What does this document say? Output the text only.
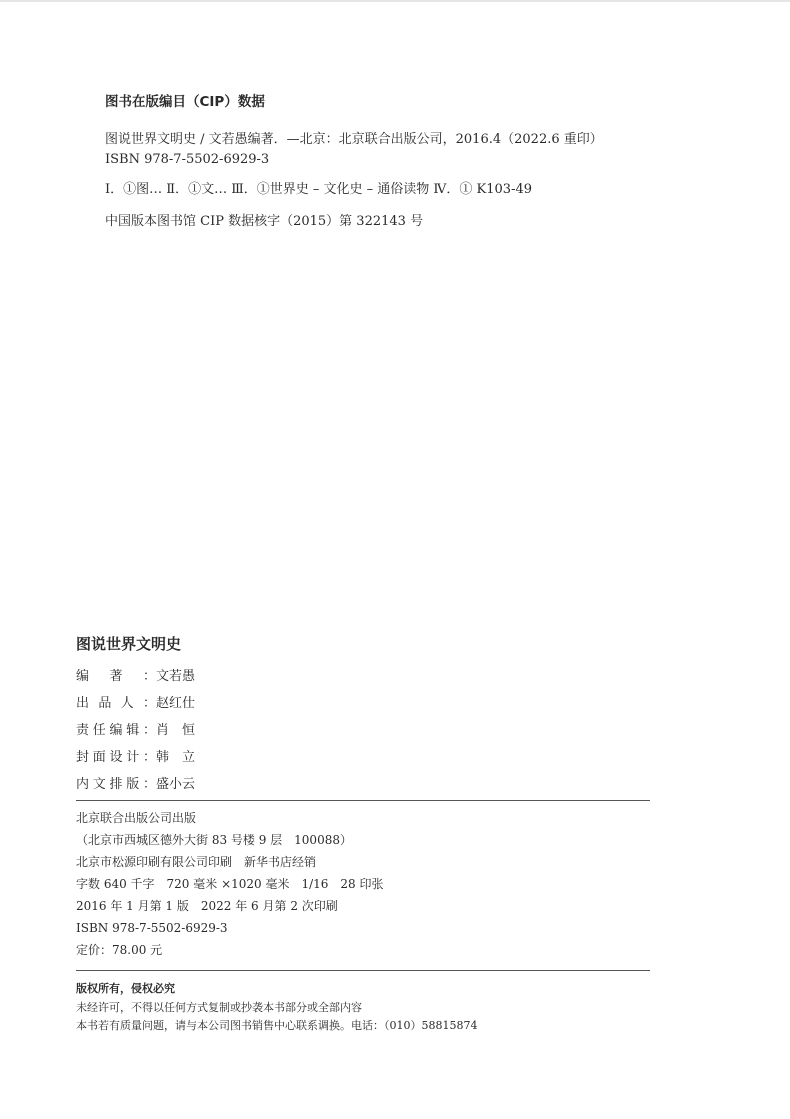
图书在版编目（CIP）数据
图说世界文明史 / 文若愚编著．—北京：北京联合出版公司，2016.4（2022.6 重印）
ISBN 978-7-5502-6929-3
Ⅰ．①图… Ⅱ．①文… Ⅲ．①世界史 – 文化史 – 通俗读物 Ⅳ．① K103-49
中国版本图书馆 CIP 数据核字（2015）第 322143 号
图说世界文明史
编著： 文若愚
出品人： 赵红仕
责任编辑： 肖　恒
封面设计： 韩　立
内文排版： 盛小云
北京联合出版公司出版
（北京市西城区德外大街 83 号楼 9 层　100088）
北京市松源印刷有限公司印刷　新华书店经销
字数 640 千字　720 毫米 ×1020 毫米　1/16　28 印张
2016 年 1 月第 1 版　2022 年 6 月第 2 次印刷
ISBN 978-7-5502-6929-3
定价：78.00 元
版权所有，侵权必究
未经许可，不得以任何方式复制或抄袭本书部分或全部内容
本书若有质量问题，请与本公司图书销售中心联系调换。电话：（010）58815874
